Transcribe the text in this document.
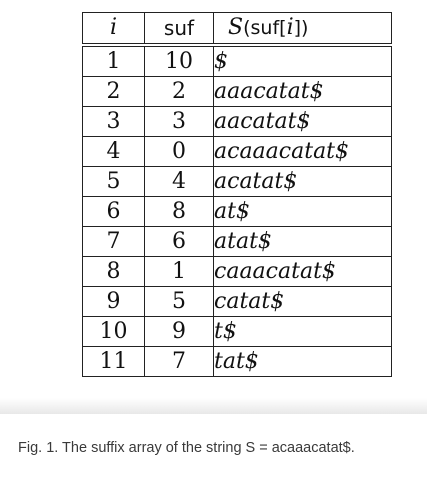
i	suf	S(suf[i])
1	10	$
2	2	aaacatat$
3	3	aacatat$
4	0	acaaacatat$
5	4	acatat$
6	8	at$
7	6	atat$
8	1	caaacatat$
9	5	catat$
10	9	t$
11	7	tat$
Fig. 1. The suffix array of the string S = acaaacatat$.
